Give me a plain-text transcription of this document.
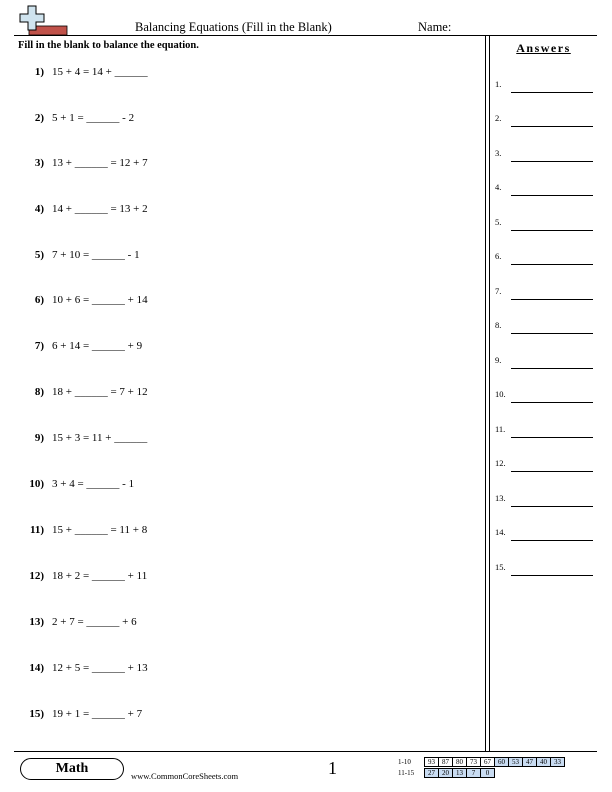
Balancing Equations (Fill in the Blank)	Name:
Fill in the blank to balance the equation.
1) 15 + 4 = 14 + ______
2) 5 + 1 = ______ - 2
3) 13 + ______ = 12 + 7
4) 14 + ______ = 13 + 2
5) 7 + 10 = ______ - 1
6) 10 + 6 = ______ + 14
7) 6 + 14 = ______ + 9
8) 18 + ______ = 7 + 12
9) 15 + 3 = 11 + ______
10) 3 + 4 = ______ - 1
11) 15 + ______ = 11 + 8
12) 18 + 2 = ______ + 11
13) 2 + 7 = ______ + 6
14) 12 + 5 = ______ + 13
15) 19 + 1 = ______ + 7
Answers
1.
2.
3.
4.
5.
6.
7.
8.
9.
10.
11.
12.
13.
14.
15.
Math	www.CommonCoreSheets.com	1	1-10 93	87	80	73	67	60	53	47	40	33
11-15 27	20	13	7	0
